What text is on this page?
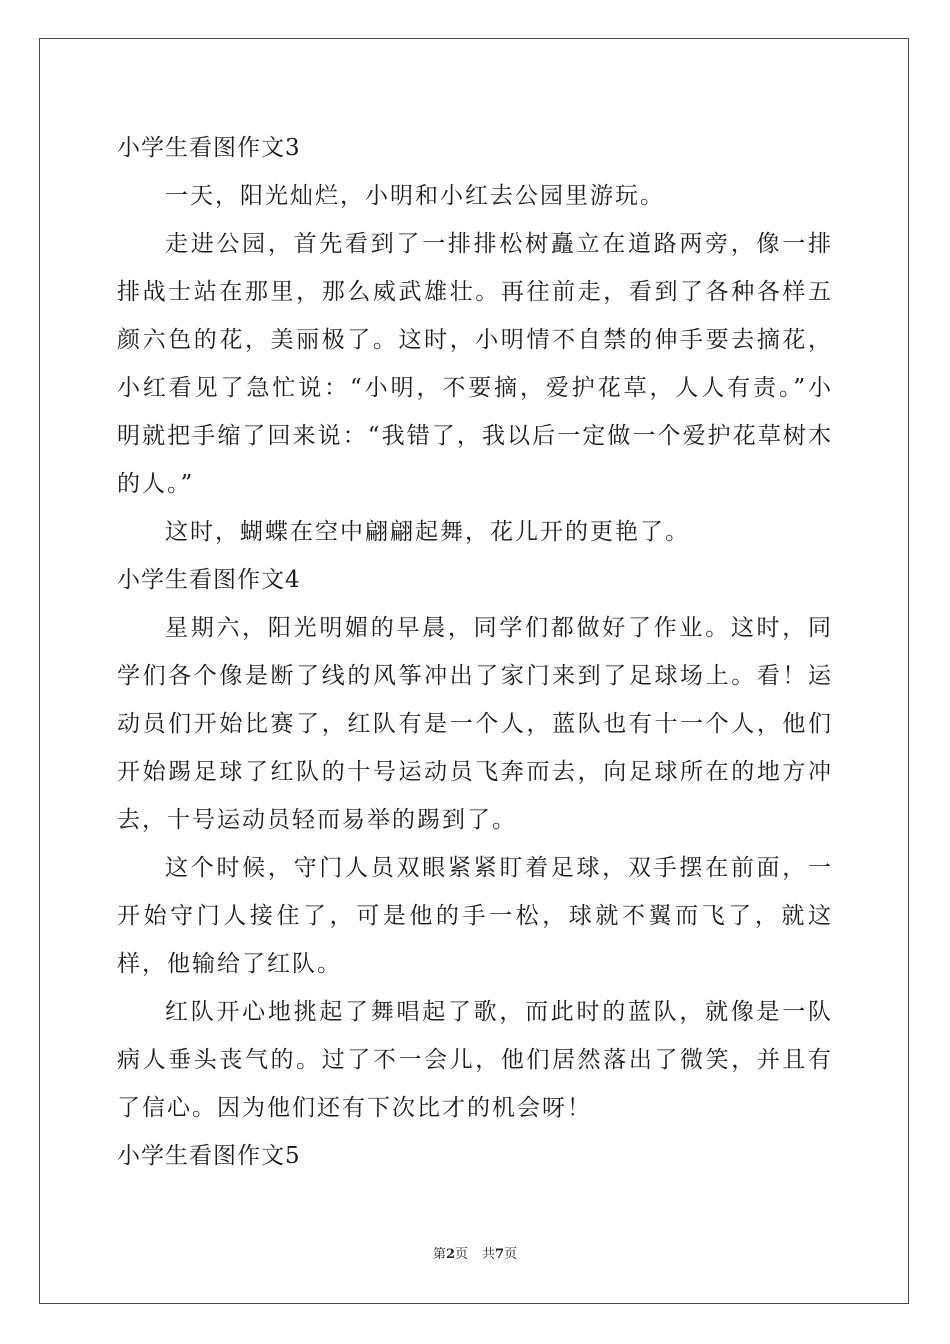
小学生看图作文3

一天，阳光灿烂，小明和小红去公园里游玩。

走进公园，首先看到了一排排松树矗立在道路两旁，像一排排战士站在那里，那么威武雄壮。再往前走，看到了各种各样五颜六色的花，美丽极了。这时，小明情不自禁的伸手要去摘花，小红看见了急忙说：“小明，不要摘，爱护花草，人人有责。”小明就把手缩了回来说：“我错了，我以后一定做一个爱护花草树木的人。”

这时，蝴蝶在空中翩翩起舞，花儿开的更艳了。

小学生看图作文4

星期六，阳光明媚的早晨，同学们都做好了作业。这时，同学们各个像是断了线的风筝冲出了家门来到了足球场上。看！运动员们开始比赛了，红队有是一个人，蓝队也有十一个人，他们开始踢足球了红队的十号运动员飞奔而去，向足球所在的地方冲去，十号运动员轻而易举的踢到了。

这个时候，守门人员双眼紧紧盯着足球，双手摆在前面，一开始守门人接住了，可是他的手一松，球就不翼而飞了，就这样，他输给了红队。

红队开心地挑起了舞唱起了歌，而此时的蓝队，就像是一队病人垂头丧气的。过了不一会儿，他们居然落出了微笑，并且有了信心。因为他们还有下次比才的机会呀！

小学生看图作文5

第2页 共7页
